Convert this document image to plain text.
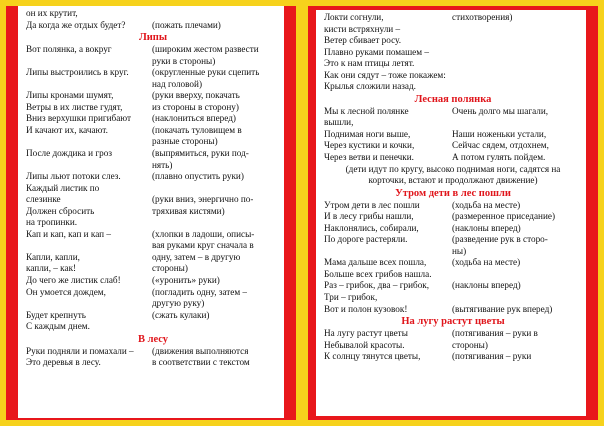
он их крутит,
Да когда же отдых будет?	(пожать плечами)
Липы
Вот полянка, а вокруг	(широким жестом развести
руки в стороны)
Липы выстроились в круг.	(округленные руки сцепить
над головой)
Липы кронами шумят,	(руки вверху, покачать
Ветры в их листве гудят,	из стороны в сторону)
Вниз верхушки пригибают	(наклониться вперед)
И качают их, качают.	(покачать туловищем в
разные стороны)
После дождика и гроз	(выпрямиться, руки под-
нять)
Липы льют потоки слез.	(плавно опустить руки)
Каждый листик по
слезинке	(руки вниз, энергично по-
Должен сбросить	тряхивая кистями)
на тропинки.
Кап и кап, кап и кап –	(хлопки в ладоши, описы-
вая руками круг сначала в
Капли, капли,	одну, затем – в другую
капли, – как!	стороны)
До чего же листик слаб!	(«уронить» руки)
Он умоется дождем,	(погладить одну, затем –
другую руку)
Будет крепнуть	(сжать кулаки)
С каждым днем.
В лесу
Руки подняли и помахали –	(движения выполняются
Это деревья в лесу.	в соответствии с текстом
Локти согнули,	стихотворения)
кисти встряхнули –
Ветер сбивает росу.
Плавно руками помашем –
Это к нам птицы летят.
Как они сядут – тоже покажем:
Крылья сложили назад.
Лесная полянка
Мы к лесной полянке	Очень долго мы шагали,
вышли,
Поднимая ноги выше,	Наши ноженьки устали,
Через кустики и кочки,	Сейчас сядем, отдохнем,
Через ветви и пенечки.	А потом гулять пойдем.
(дети идут по кругу, высоко поднимая ноги, садятся на
корточки, встают и продолжают движение)
Утром дети в лес пошли
Утром дети в лес пошли	(ходьба на месте)
И в лесу грибы нашли,	(размеренное приседание)
Наклонялись, собирали,	(наклоны вперед)
По дороге растеряли.	(разведение рук в сторо-
ны)
Мама дальше всех пошла,	(ходьба на месте)
Больше всех грибов нашла.
Раз – грибок, два – грибок,	(наклоны вперед)
Три – грибок,
Вот и полон кузовок!	(вытягивание рук вперед)
На лугу растут цветы
На лугу растут цветы	(потягивания – руки в
Небывалой красоты.	стороны)
К солнцу тянутся цветы,	(потягивания – руки
